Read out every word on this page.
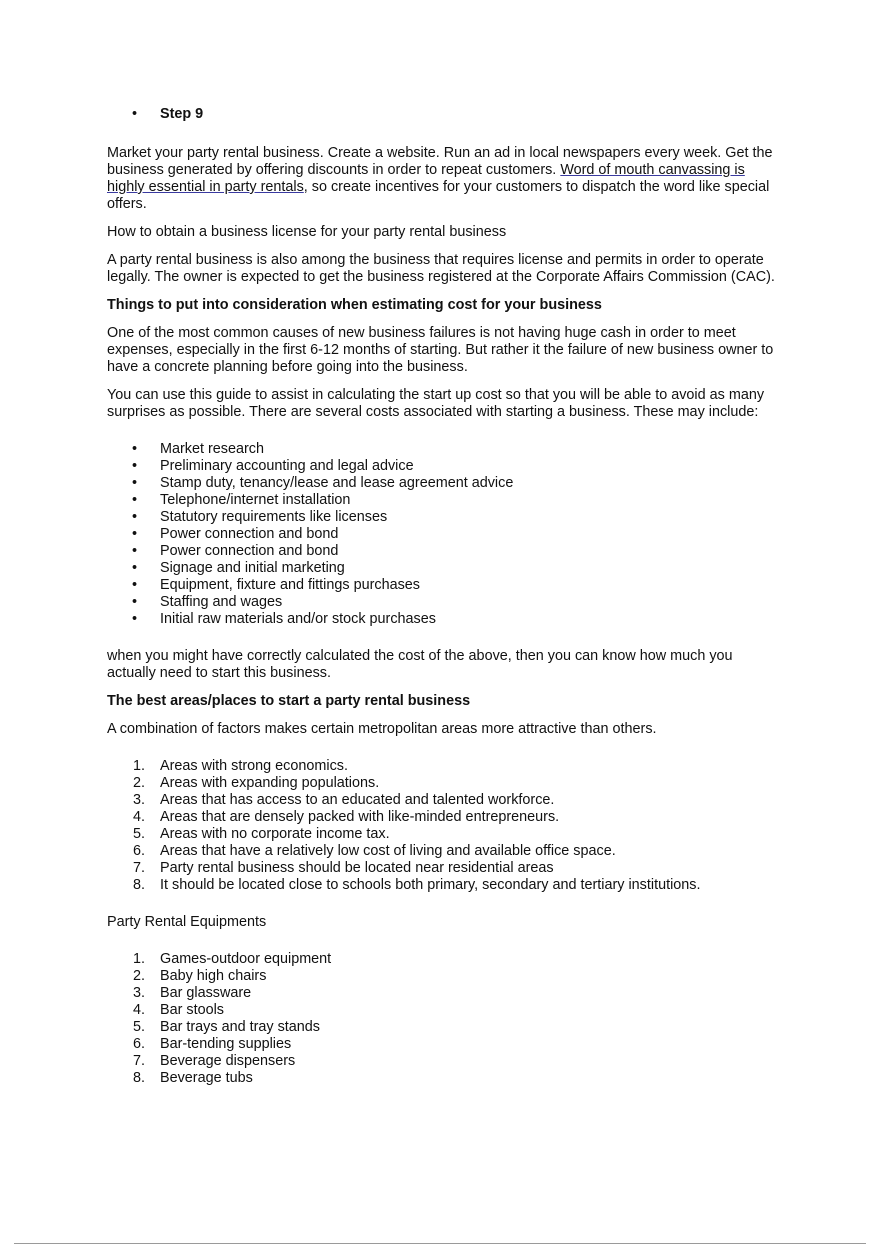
• Step 9

Market your party rental business. Create a website. Run an ad in local newspapers every week. Get the business generated by offering discounts in order to repeat customers. Word of mouth canvassing is highly essential in party rentals, so create incentives for your customers to dispatch the word like special offers.

How to obtain a business license for your party rental business

A party rental business is also among the business that requires license and permits in order to operate legally. The owner is expected to get the business registered at the Corporate Affairs Commission (CAC).

Things to put into consideration when estimating cost for your business

One of the most common causes of new business failures is not having huge cash in order to meet expenses, especially in the first 6-12 months of starting. But rather it the failure of new business owner to have a concrete planning before going into the business.

You can use this guide to assist in calculating the start up cost so that you will be able to avoid as many surprises as possible. There are several costs associated with starting a business. These may include:

• Market research
• Preliminary accounting and legal advice
• Stamp duty, tenancy/lease and lease agreement advice
• Telephone/internet installation
• Statutory requirements like licenses
• Power connection and bond
• Power connection and bond
• Signage and initial marketing
• Equipment, fixture and fittings purchases
• Staffing and wages
• Initial raw materials and/or stock purchases

when you might have correctly calculated the cost of the above, then you can know how much you actually need to start this business.

The best areas/places to start a party rental business

A combination of factors makes certain metropolitan areas more attractive than others.

1. Areas with strong economics.
2. Areas with expanding populations.
3. Areas that has access to an educated and talented workforce.
4. Areas that are densely packed with like-minded entrepreneurs.
5. Areas with no corporate income tax.
6. Areas that have a relatively low cost of living and available office space.
7. Party rental business should be located near residential areas
8. It should be located close to schools both primary, secondary and tertiary institutions.

Party Rental Equipments

1. Games-outdoor equipment
2. Baby high chairs
3. Bar glassware
4. Bar stools
5. Bar trays and tray stands
6. Bar-tending supplies
7. Beverage dispensers
8. Beverage tubs
